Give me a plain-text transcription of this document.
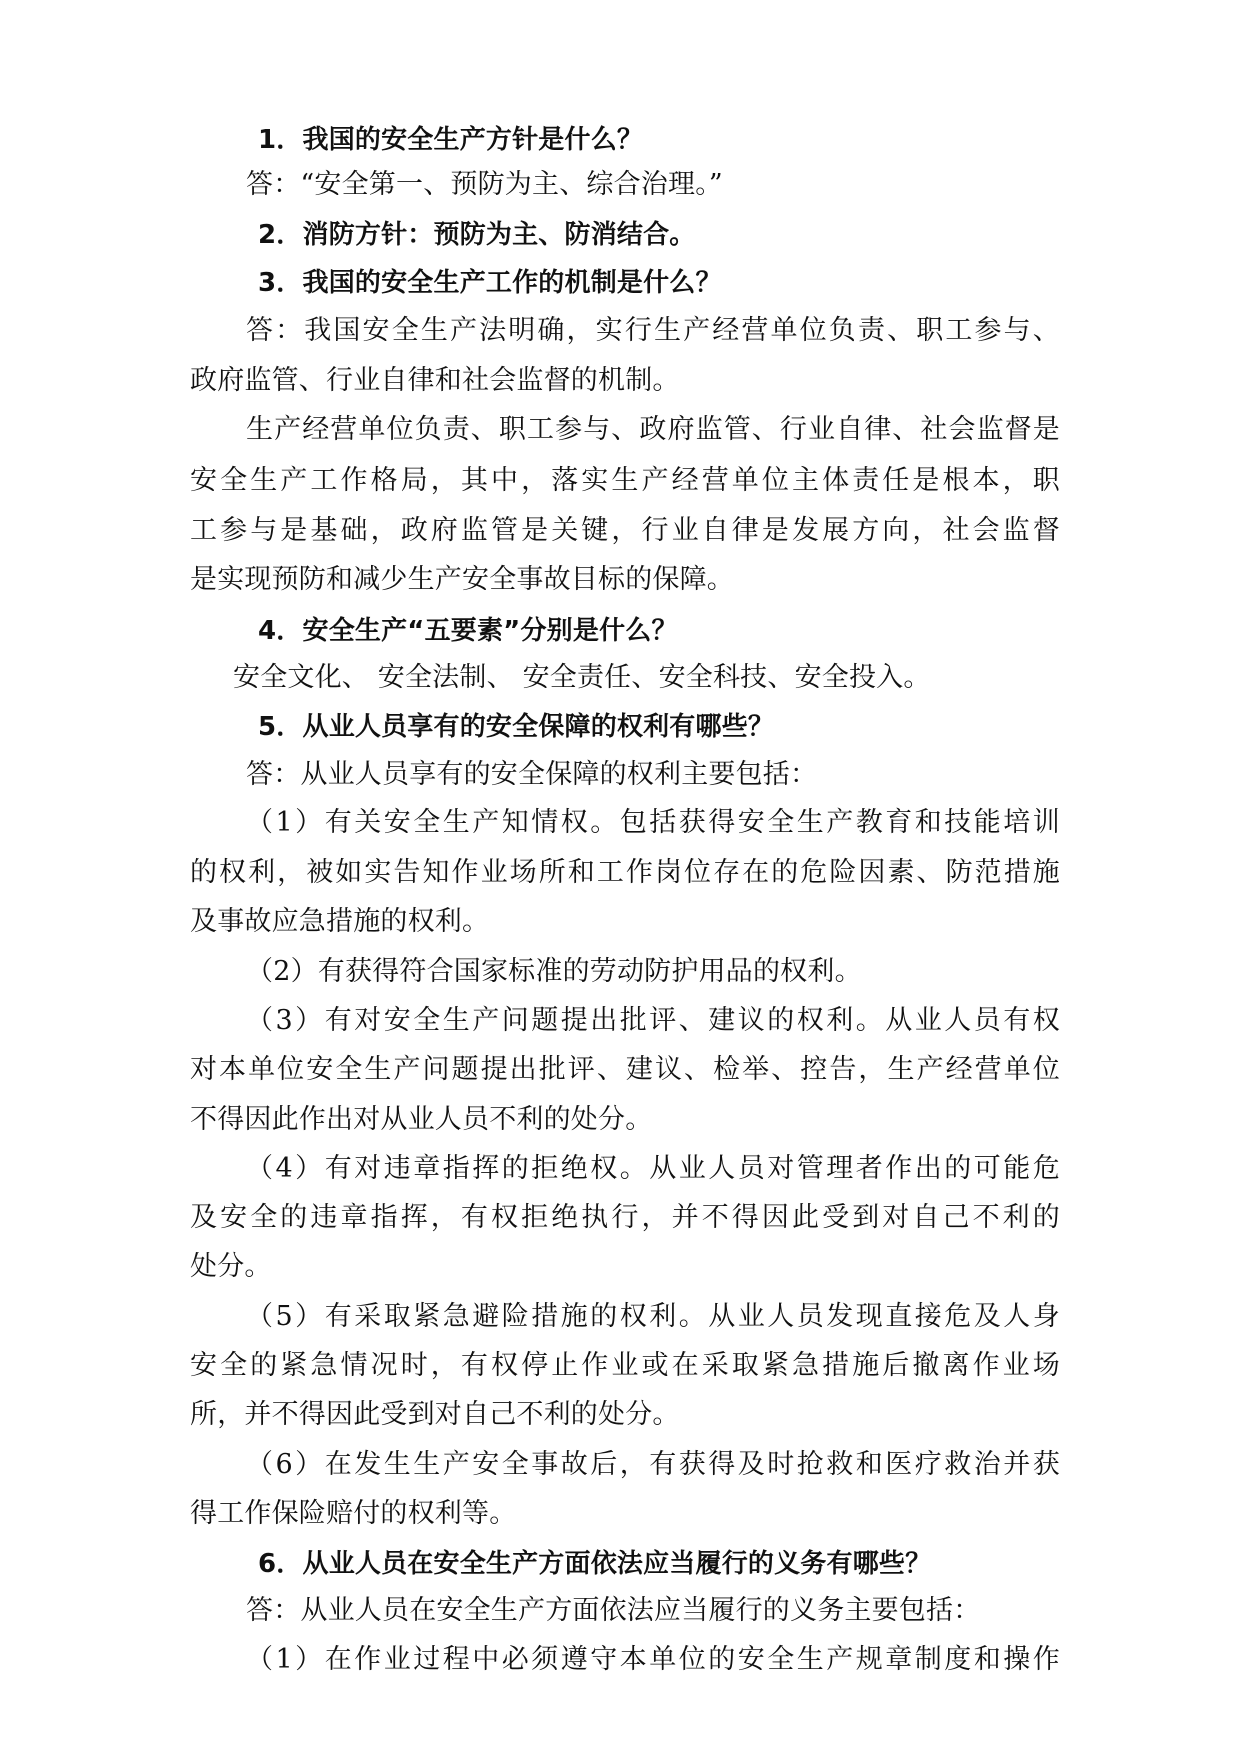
1．我国的安全生产方针是什么？
答：“安全第一、预防为主、综合治理。”
2．消防方针：预防为主、防消结合。
3．我国的安全生产工作的机制是什么？
答：我国安全生产法明确，实行生产经营单位负责、职工参与、
政府监管、行业自律和社会监督的机制。
生产经营单位负责、职工参与、政府监管、行业自律、社会监督是
安全生产工作格局，其中，落实生产经营单位主体责任是根本，职
工参与是基础，政府监管是关键，行业自律是发展方向，社会监督
是实现预防和减少生产安全事故目标的保障。
4．安全生产“五要素”分别是什么？
安全文化、 安全法制、 安全责任、安全科技、安全投入。
5．从业人员享有的安全保障的权利有哪些？
答：从业人员享有的安全保障的权利主要包括：
（1）有关安全生产知情权。包括获得安全生产教育和技能培训
的权利，被如实告知作业场所和工作岗位存在的危险因素、防范措施
及事故应急措施的权利。
（2）有获得符合国家标准的劳动防护用品的权利。
（3）有对安全生产问题提出批评、建议的权利。从业人员有权
对本单位安全生产问题提出批评、建议、检举、控告，生产经营单位
不得因此作出对从业人员不利的处分。
（4）有对违章指挥的拒绝权。从业人员对管理者作出的可能危
及安全的违章指挥，有权拒绝执行，并不得因此受到对自己不利的
处分。
（5）有采取紧急避险措施的权利。从业人员发现直接危及人身
安全的紧急情况时，有权停止作业或在采取紧急措施后撤离作业场
所，并不得因此受到对自己不利的处分。
（6）在发生生产安全事故后，有获得及时抢救和医疗救治并获
得工作保险赔付的权利等。
6．从业人员在安全生产方面依法应当履行的义务有哪些？
答：从业人员在安全生产方面依法应当履行的义务主要包括：
（1）在作业过程中必须遵守本单位的安全生产规章制度和操作
